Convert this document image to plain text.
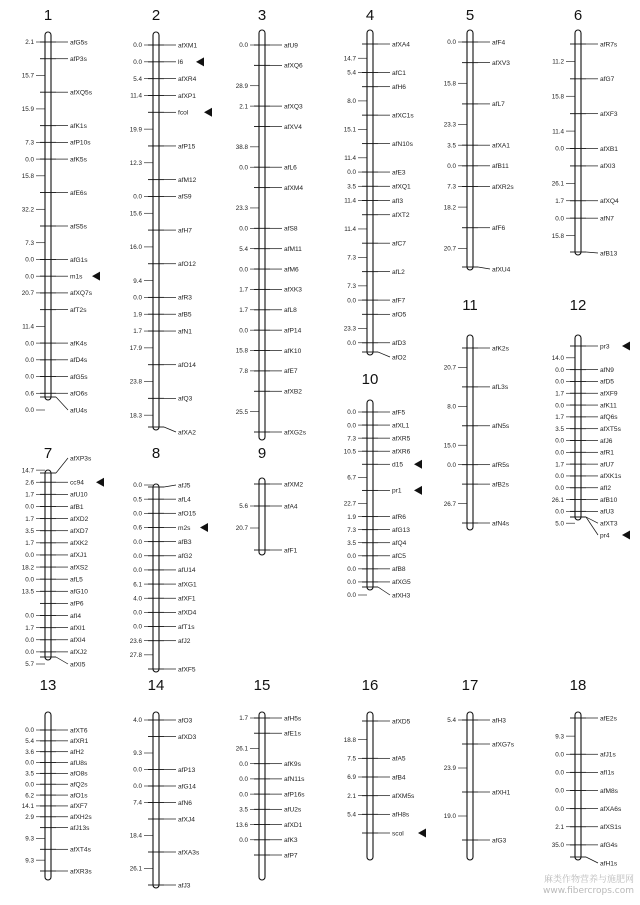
1
afG5s
2.1
afP3s
15.7
afXQ5s
15.9
afK1s
afP10s
7.3
afK5s
0.0
15.8
afE6s
32.2
afS5s
7.3
afG1s
0.0
m1s
0.0
afXQ7s
20.7
afT2s
11.4
afK4s
0.0
afD4s
0.0
afG5s
0.0
afO6s
0.6
afU4s
0.0
2
afXM1
0.0
l6
0.0
afXR4
5.4
afXP1
11.4
fcol
19.9
afP15
12.3
afM12
afS9
0.0
15.6
afH7
16.0
afO12
9.4
afR3
0.0
afB5
1.9
afN1
1.7
17.9
afO14
23.8
afQ3
18.3
afXA2
3
afU9
0.0
afXQ6
28.9
afXQ3
2.1
afXV4
38.8
afL6
0.0
afXM4
23.3
afS8
0.0
afM11
5.4
afM6
0.0
afXK3
1.7
afL8
1.7
afP14
0.0
afK10
15.8
afE7
7.8
afXB2
25.5
afXG2s
4
afXA4
14.7
afC1
5.4
afH6
8.0
afXC1s
15.1
afN10s
11.4
afE3
0.0
afXQ1
3.5
afI3
11.4
afXT2
11.4
afC7
7.3
afL2
7.3
afF7
0.0
afO5
23.3
afD3
0.0
afO2
5
afF4
0.0
afXV3
15.8
afL7
23.3
afXA1
3.5
afB11
0.0
afXR2s
7.3
18.2
afF6
20.7
afXU4
6
afR7s
11.2
afG7
15.8
afXF3
11.4
afXB1
0.0
afXI3
26.1
afXQ4
1.7
afN7
0.0
15.8
afB13
7	afXP3s
14.7
cc94
2.6
afU10
1.7
afB1
0.0
afXD2
1.7
afXD7
3.5
afXK2
1.7
afXJ1
0.0
afXS2
18.2
afL5
0.0
afG10
13.5
afP6
afI4
0.0
afXI1
1.7
afXI4
0.0
afXJ2
0.0
afXI5
5.7
8
afJ5
0.0
afL4
0.5
afO15
0.0
m2s
0.6
afB3
0.0
afG2
0.0
afU14
0.0
afXG1
6.1
afXF1
4.0
afXD4
0.0
afT1s
0.0
afJ2
23.6
27.8
afXF5
9
afXM2
afA4
5.6
20.7
afF1
10
afF5
0.0
afXL1
0.0
afXR5
7.3
afXR6
10.5
d15
6.7
pr1
22.7
afR6
1.9
afG13
7.3
afQ4
3.5
afC5
0.0
afB8
0.0
afXG5
0.0
afXH3
0.0
11
afK2s
20.7
afL3s
8.0
afN5s
15.0
afR5s
0.0
afB2s
26.7
afN4s
12
pr3
14.0
afN9
0.0
afD5
0.0
afXF9
1.7
afK11
0.0
afQ6s
1.7
afXT5s
3.5
afJ6
0.0
afR1
0.0
afU7
1.7
afXK1s
0.0
afI2
0.0
afB10
26.1
afU3
0.0
afXT3
5.0
pr4
13
afXT6
0.0
afXR1
5.4
afH2
3.6
afU8s
0.0
afO8s
3.5
afQ2s
0.0
afO1s
6.2
afXF7
14.1
afXH2s
2.9
afJ13s
9.3
afXT4s
9.3
afXR3s
14
afO3
4.0
afXD3
9.3
afP13
0.0
afG14
0.0
afN6
7.4
afXJ4
18.4
afXA3s
26.1
afJ3
15
afH5s
1.7
afE1s
26.1
afK9s
0.0
afN11s
0.0
afP16s
0.0
afU2s
3.5
afXD1
13.6
afK3
0.0
afP7
16
afXD5
18.8
afA5
7.5
afB4
6.9
afXM5s
2.1
afH8s
5.4
scol
17
afH3
5.4
afXG7s
23.9
afXH1
19.0
afG3
18
afE2s
9.3
afJ1s
0.0
afI1s
0.0
afM8s
0.0
afXA6s
0.0
afXS1s
2.1
afG4s
35.0
afH1s
麻类作物营养与施肥网
www.fibercrops.com
